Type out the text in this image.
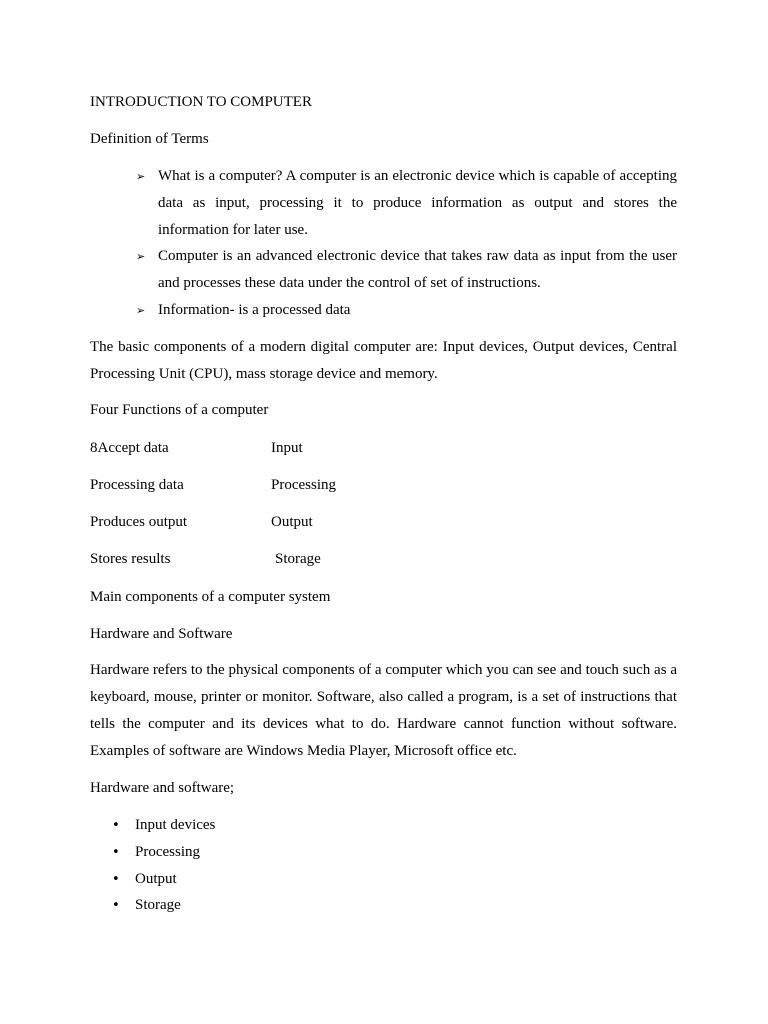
INTRODUCTION TO COMPUTER
Definition of Terms
➢ What is a computer? A computer is an electronic device which is capable of accepting data as input, processing it to produce information as output and stores the information for later use.
➢ Computer is an advanced electronic device that takes raw data as input from the user and processes these data under the control of set of instructions.
➢ Information- is a processed data
The basic components of a modern digital computer are: Input devices, Output devices, Central Processing Unit (CPU), mass storage device and memory.
Four Functions of a computer
8Accept data	Input
Processing data	Processing
Produces output	Output
Stores results	Storage
Main components of a computer system
Hardware and Software
Hardware refers to the physical components of a computer which you can see and touch such as a keyboard, mouse, printer or monitor. Software, also called a program, is a set of instructions that tells the computer and its devices what to do. Hardware cannot function without software. Examples of software are Windows Media Player, Microsoft office etc.
Hardware and software;
• Input devices
• Processing
• Output
• Storage
